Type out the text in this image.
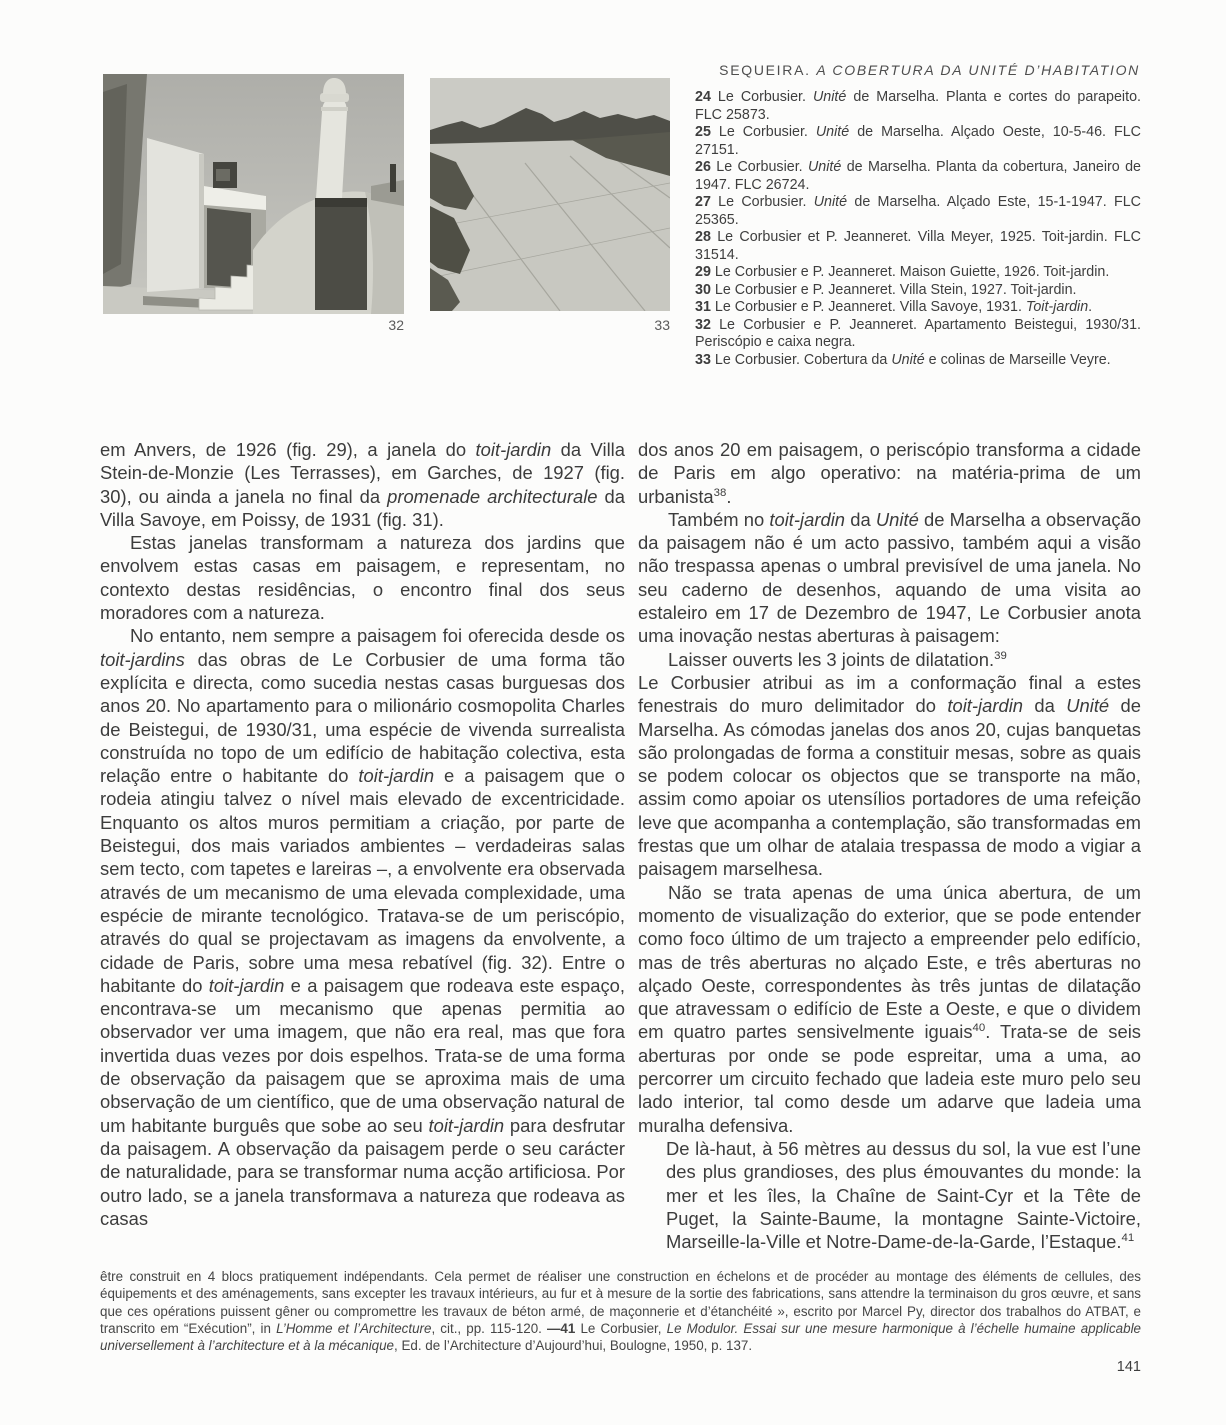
32	33
SEQUEIRA. A COBERTURA DA UNITÉ D’HABITATION

24 Le Corbusier. Unité de Marselha. Planta e cortes do parapeito. FLC 25873.

25 Le Corbusier. Unité de Marselha. Alçado Oeste, 10-5-46. FLC 27151.

26 Le Corbusier. Unité de Marselha. Planta da cobertura, Janeiro de 1947. FLC 26724.

27 Le Corbusier. Unité de Marselha. Alçado Este, 15-1-1947. FLC 25365.

28 Le Corbusier et P. Jeanneret. Villa Meyer, 1925. Toit-jardin. FLC 31514.

29 Le Corbusier e P. Jeanneret. Maison Guiette, 1926. Toit-jardin.

30 Le Corbusier e P. Jeanneret. Villa Stein, 1927. Toit-jardin.

31 Le Corbusier e P. Jeanneret. Villa Savoye, 1931. Toit-jardin.

32 Le Corbusier e P. Jeanneret. Apartamento Beistegui, 1930/31. Periscópio e caixa negra.

33 Le Corbusier. Cobertura da Unité e colinas de Marseille Veyre.

em Anvers, de 1926 (fig. 29), a janela do toit-jardin da Villa Stein-de-Monzie (Les Terrasses), em Garches, de 1927 (fig. 30), ou ainda a janela no final da promenade architecturale da Villa Savoye, em Poissy, de 1931 (fig. 31).

Estas janelas transformam a natureza dos jardins que envolvem estas casas em paisagem, e representam, no contexto destas residências, o encontro final dos seus moradores com a natureza.

No entanto, nem sempre a paisagem foi oferecida desde os toit-jardins das obras de Le Corbusier de uma forma tão explícita e directa, como sucedia nestas casas burguesas dos anos 20. No apartamento para o milionário cosmopolita Charles de Beistegui, de 1930/31, uma espécie de vivenda surrealista construída no topo de um edifício de habitação colectiva, esta relação entre o habitante do toit-jardin e a paisagem que o rodeia atingiu talvez o nível mais elevado de excentricidade. Enquanto os altos muros permitiam a criação, por parte de Beistegui, dos mais variados ambientes – verdadeiras salas sem tecto, com tapetes e lareiras –, a envolvente era observada através de um mecanismo de uma elevada complexidade, uma espécie de mirante tecnológico. Tratava-se de um periscópio, através do qual se projectavam as imagens da envolvente, a cidade de Paris, sobre uma mesa rebatível (fig. 32). Entre o habitante do toit-jardin e a paisagem que rodeava este espaço, encontrava-se um mecanismo que apenas permitia ao observador ver uma imagem, que não era real, mas que fora invertida duas vezes por dois espelhos. Trata-se de uma forma de observação da paisagem que se aproxima mais de uma observação de um científico, que de uma observação natural de um habitante burguês que sobe ao seu toit-jardin para desfrutar da paisagem. A observação da paisagem perde o seu carácter de naturalidade, para se transformar numa acção artificiosa. Por outro lado, se a janela transformava a natureza que rodeava as casas

dos anos 20 em paisagem, o periscópio transforma a cidade de Paris em algo operativo: na matéria-prima de um urbanista$^{38}$.

Também no toit-jardin da Unité de Marselha a observação da paisagem não é um acto passivo, também aqui a visão não trespassa apenas o umbral previsível de uma janela. No seu caderno de desenhos, aquando de uma visita ao estaleiro em 17 de Dezembro de 1947, Le Corbusier anota uma inovação nestas aberturas à paisagem:

Laisser ouverts les 3 joints de dilatation.$^{39}$

Le Corbusier atribui as im a conformação final a estes fenestrais do muro delimitador do toit-jardin da Unité de Marselha. As cómodas janelas dos anos 20, cujas banquetas são prolongadas de forma a constituir mesas, sobre as quais se podem colocar os objectos que se transporte na mão, assim como apoiar os utensílios portadores de uma refeição leve que acompanha a contemplação, são transformadas em frestas que um olhar de atalaia trespassa de modo a vigiar a paisagem marselhesa.

Não se trata apenas de uma única abertura, de um momento de visualização do exterior, que se pode entender como foco último de um trajecto a empreender pelo edifício, mas de três aberturas no alçado Este, e três aberturas no alçado Oeste, correspondentes às três juntas de dilatação que atravessam o edifício de Este a Oeste, e que o dividem em quatro partes sensivelmente iguais$^{40}$. Trata-se de seis aberturas por onde se pode espreitar, uma a uma, ao percorrer um circuito fechado que ladeia este muro pelo seu lado interior, tal como desde um adarve que ladeia uma muralha defensiva.

De là-haut, à 56 mètres au dessus du sol, la vue est l’une des plus grandioses, des plus émouvantes du monde: la mer et les îles, la Chaîne de Saint-Cyr et la Tête de Puget, la Sainte-Baume, la montagne Sainte-Victoire, Marseille-la-Ville et Notre-Dame-de-la-Garde, l’Estaque.$^{41}$

être construit en 4 blocs pratiquement indépendants. Cela permet de réaliser une construction en échelons et de procéder au montage des éléments de cellules, des équipements et des aménagements, sans excepter les travaux intérieurs, au fur et à mesure de la sortie des fabrications, sans attendre la terminaison du gros œuvre, et sans que ces opérations puissent gêner ou compromettre les travaux de béton armé, de maçonnerie et d’étanchéité », escrito por Marcel Py, director dos trabalhos do ATBAT, e transcrito em “Exécution”, in L’Homme et l’Architecture, cit., pp. 115-120. —41 Le Corbusier, Le Modulor. Essai sur une mesure harmonique à l’échelle humaine applicable universellement à l’architecture et à la mécanique, Ed. de l’Architecture d’Aujourd’hui, Boulogne, 1950, p. 137.
141
